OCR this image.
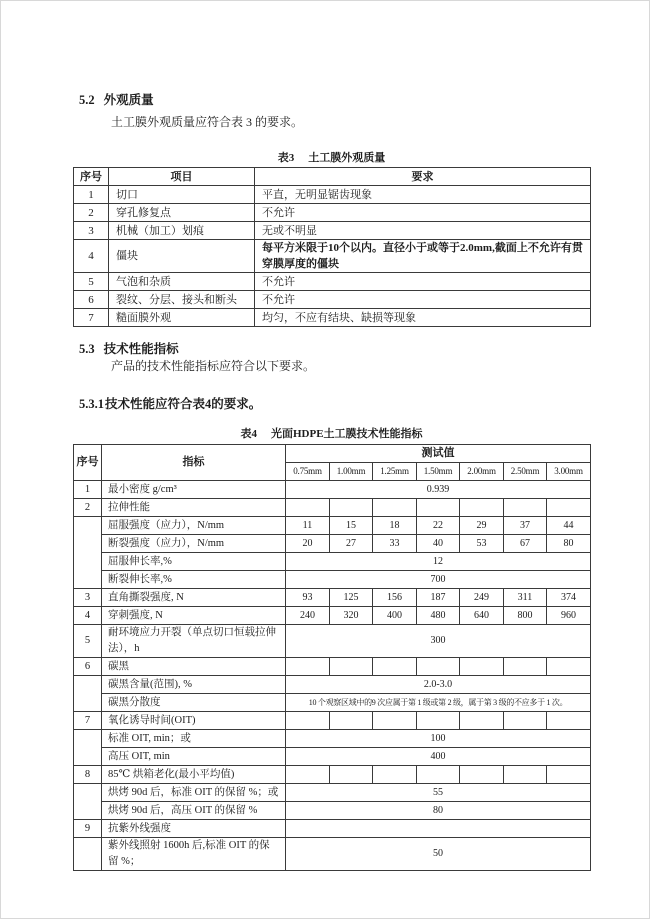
5.2 外观质量

土工膜外观质量应符合表 3 的要求。

表3 土工膜外观质量
序号	项目	要求
1	切口	平直，无明显锯齿现象
2	穿孔修复点	不允许
3	机械（加工）划痕	无或不明显
4	僵块	每平方米限于10个以内。直径小于或等于2.0mm,截面上不允许有贯穿膜厚度的僵块
5	气泡和杂质	不允许
6	裂纹、分层、接头和断头	不允许
7	糙面膜外观	均匀，不应有结块、缺损等现象
5.3 技术性能指标

产品的技术性能指标应符合以下要求。

5.3.1技术性能应符合表4的要求。
表4 光面HDPE土工膜技术性能指标
序号	指标	测试值						
		0.75mm	1.00mm	1.25mm	1.50mm	2.00mm	2.50mm	3.00mm
1	最小密度 g/cm³	0.939						
2	拉伸性能							
	屈服强度（应力），N/mm	11	15	18	22	29	37	44
	断裂强度（应力），N/mm	20	27	33	40	53	67	80
	屈服伸长率,%	12						
	断裂伸长率,%	700						
3	直角撕裂强度, N	93	125	156	187	249	311	374
4	穿刺强度, N	240	320	400	480	640	800	960
5	耐环境应力开裂（单点切口恒载拉伸法），h	300						
6	碳黑							
	碳黑含量(范围), %	2.0-3.0						
	碳黑分散度	10 个观察区域中的9 次应属于第 1 级或第 2 级，属于第 3 级的不应多于 1 次。						
7	氧化诱导时间(OIT)							
	标准 OIT, min；或	100						
	高压 OIT, min	400						
8	85℃ 烘箱老化(最小平均值)							
	烘烤 90d 后，标准 OIT 的保留 %；或	55						
	烘烤 90d 后，高压 OIT 的保留 %	80						
9	抗紫外线强度							
	紫外线照射 1600h 后,标准 OIT 的保留 %；	50						
